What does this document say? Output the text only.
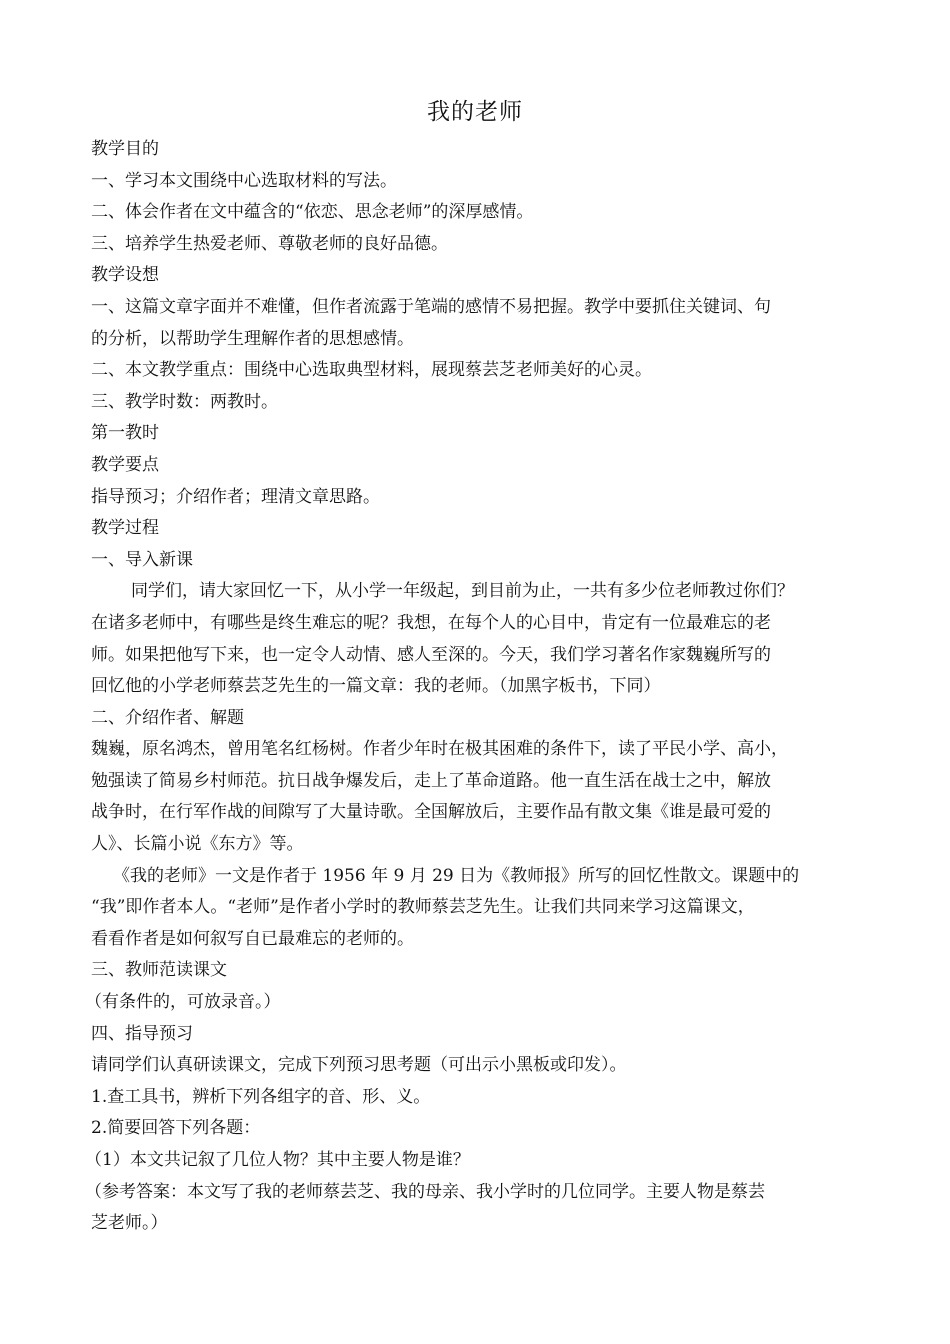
我的老师

教学目的

一、学习本文围绕中心选取材料的写法。

二、体会作者在文中蕴含的“依恋、思念老师”的深厚感情。

三、培养学生热爱老师、尊敬老师的良好品德。

教学设想

一、这篇文章字面并不难懂，但作者流露于笔端的感情不易把握。教学中要抓住关键词、句

的分析，以帮助学生理解作者的思想感情。

二、本文教学重点：围绕中心选取典型材料，展现蔡芸芝老师美好的心灵。

三、教学时数：两教时。

第一教时

教学要点

指导预习；介绍作者；理清文章思路。

教学过程

一、导入新课

同学们，请大家回忆一下，从小学一年级起，到目前为止，一共有多少位老师教过你们？

在诸多老师中，有哪些是终生难忘的呢？我想，在每个人的心目中，肯定有一位最难忘的老

师。如果把他写下来，也一定令人动情、感人至深的。今天，我们学习著名作家魏巍所写的

回忆他的小学老师蔡芸芝先生的一篇文章：我的老师。（加黑字板书，下同）

二、介绍作者、解题

魏巍，原名鸿杰，曾用笔名红杨树。作者少年时在极其困难的条件下，读了平民小学、高小，

勉强读了简易乡村师范。抗日战争爆发后，走上了革命道路。他一直生活在战士之中，解放

战争时，在行军作战的间隙写了大量诗歌。全国解放后，主要作品有散文集《谁是最可爱的

人》、长篇小说《东方》等。

《我的老师》一文是作者于 1956 年 9 月 29 日为《教师报》所写的回忆性散文。课题中的

“我”即作者本人。“老师”是作者小学时的教师蔡芸芝先生。让我们共同来学习这篇课文，

看看作者是如何叙写自已最难忘的老师的。

三、教师范读课文

（有条件的，可放录音。）

四、指导预习

请同学们认真研读课文，完成下列预习思考题（可出示小黑板或印发）。

1.查工具书，辨析下列各组字的音、形、义。

2.简要回答下列各题：

（1）本文共记叙了几位人物？其中主要人物是谁？

（参考答案：本文写了我的老师蔡芸芝、我的母亲、我小学时的几位同学。主要人物是蔡芸

芝老师。）
